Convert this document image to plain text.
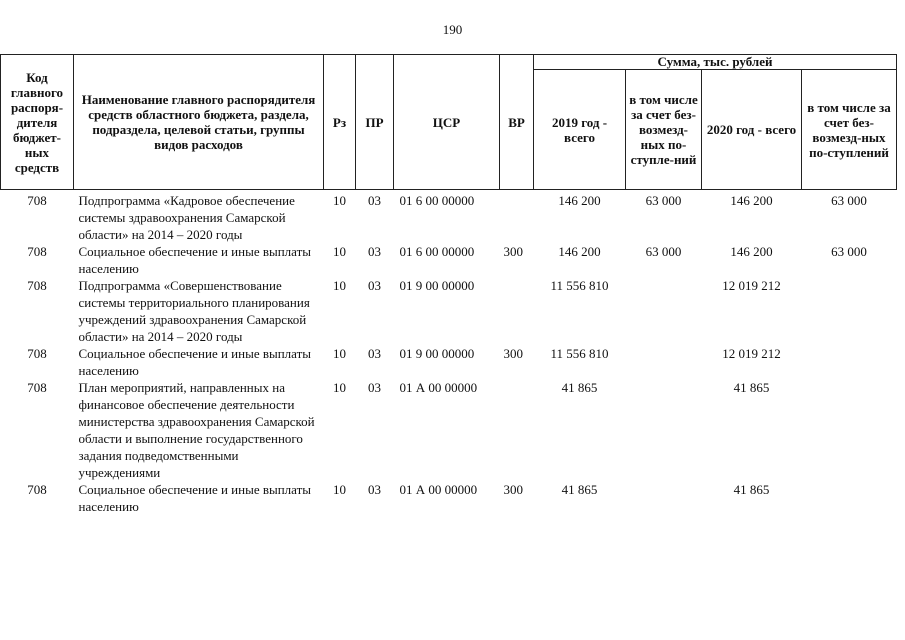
190
Код главного распоря-дителя бюджет-ных средств	Наименование главного распорядителя средств областного бюджета, раздела, подраздела, целевой статьи, группы видов расходов	Рз	ПР	ЦСР	ВР	Сумма, тыс. рублей			
						2019 год - всего	в том числе за счет без-возмезд-ных по-ступле-ний	2020 год - всего	в том числе за счет без-возмезд-ных по-ступлений
708	Подпрограмма «Кадровое обеспечение системы здравоохранения Самарской области» на 2014 – 2020 годы	10	03	01 6 00 00000		146 200	63 000	146 200	63 000
708	Социальное обеспечение и иные выплаты населению	10	03	01 6 00 00000	300	146 200	63 000	146 200	63 000
708	Подпрограмма «Совершенствование системы территориального планирования учреждений здравоохранения Самарской области» на 2014 – 2020 годы	10	03	01 9 00 00000		11 556 810		12 019 212	
708	Социальное обеспечение и иные выплаты населению	10	03	01 9 00 00000	300	11 556 810		12 019 212	
708	План мероприятий, направленных на финансовое обеспечение деятельности министерства здравоохранения Самарской области и выполнение государственного задания подведомственными учреждениями	10	03	01 А 00 00000		41 865		41 865	
708	Социальное обеспечение и иные выплаты населению	10	03	01 А 00 00000	300	41 865		41 865	
